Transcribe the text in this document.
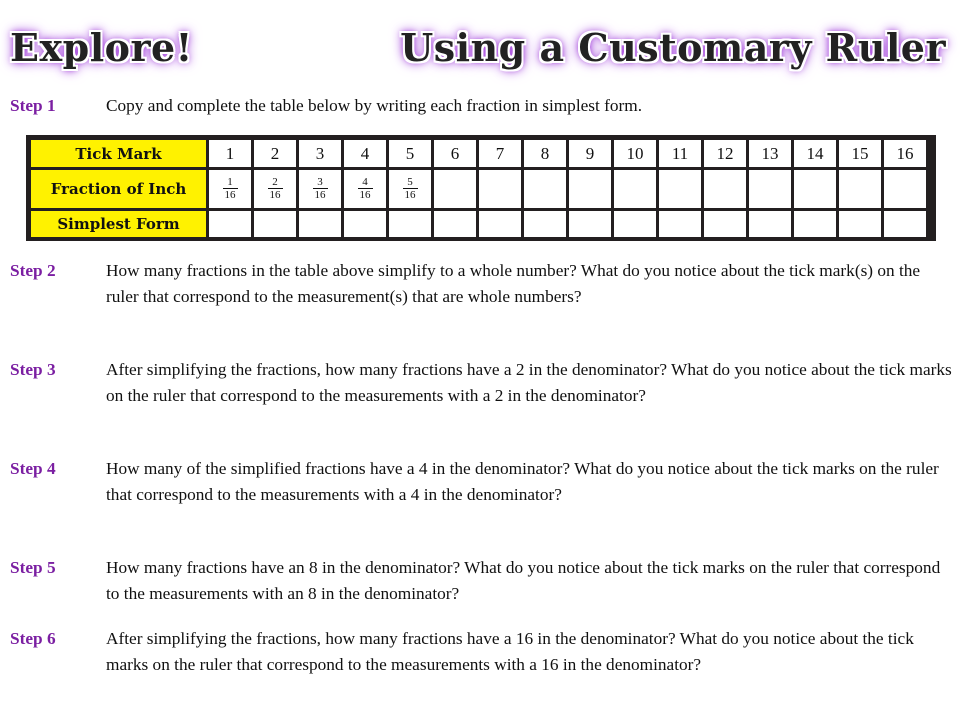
Explore!	Using a Customary Ruler
Step 1	Copy and complete the table below by writing each fraction in simplest form.
Tick Mark	1	2	3	4	5	6	7	8	9	10	11	12	13	14	15	16
Fraction of Inch	$\frac{1}{16}$	$\frac{2}{16}$	$\frac{3}{16}$	$\frac{4}{16}$	$\frac{5}{16}$

Simplest Form																
Step 2	How many fractions in the table above simplify to a whole number? What do you notice about the tick mark(s) on the ruler that correspond to the measurement(s) that are whole numbers?
Step 3	After simplifying the fractions, how many fractions have a 2 in the denominator? What do you notice about the tick marks on the ruler that correspond to the measurements with a 2 in the denominator?
Step 4	How many of the simplified fractions have a 4 in the denominator? What do you notice about the tick marks on the ruler that correspond to the measurements with a 4 in the denominator?
Step 5	How many fractions have an 8 in the denominator? What do you notice about the tick marks on the ruler that correspond to the measurements with an 8 in the denominator?
Step 6	After simplifying the fractions, how many fractions have a 16 in the denominator? What do you notice about the tick marks on the ruler that correspond to the measurements with a 16 in the denominator?
